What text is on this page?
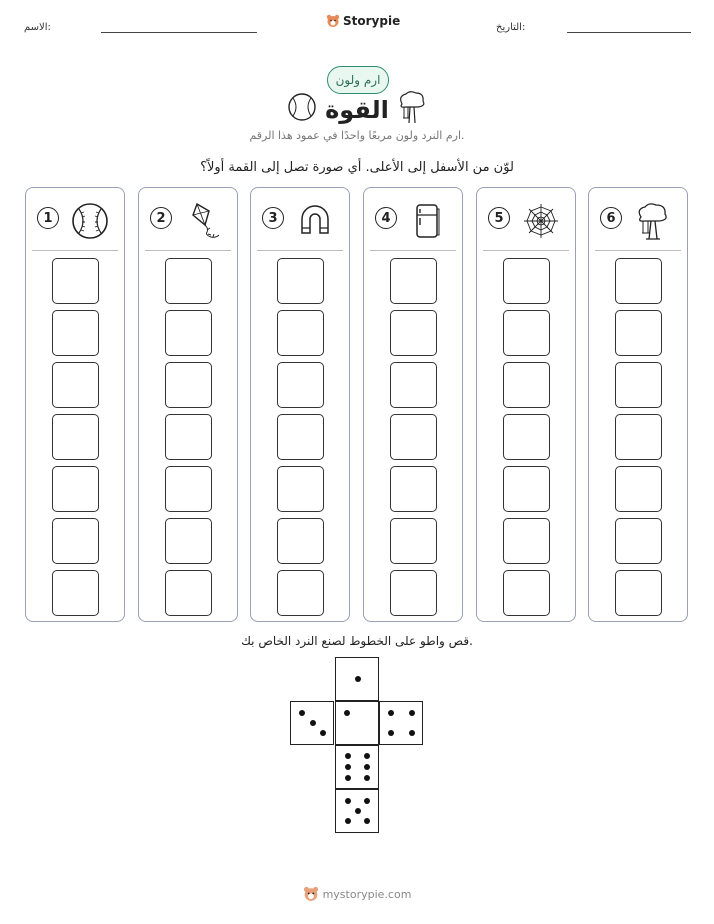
الاسم:	Storypie	التاريخ:
ارم ولون
القوة
ارم النرد ولون مربعًا واحدًا في عمود هذا الرقم.
لوّن من الأسفل إلى الأعلى. أي صورة تصل إلى القمة أولاً؟
1	2	3	4	5	6
قص واطو على الخطوط لصنع النرد الخاص بك.
mystorypie.com
